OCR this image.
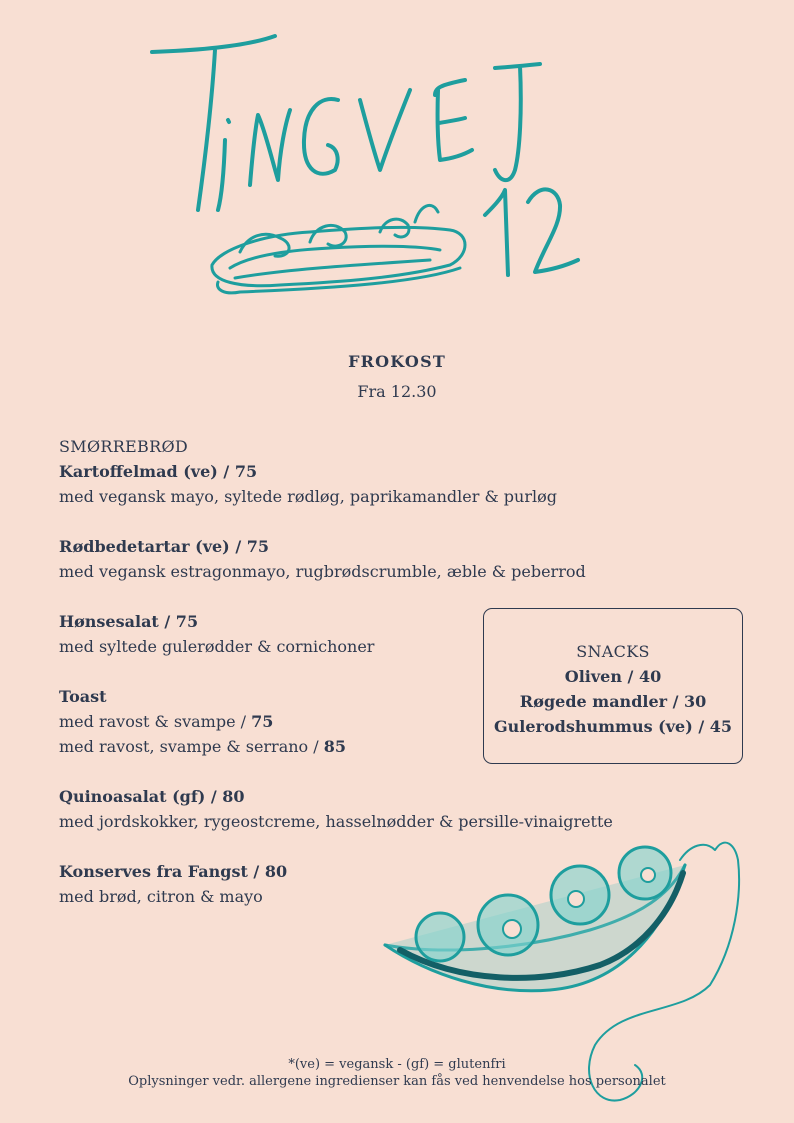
FROKOST
Fra 12.30
SMØRREBRØD
Kartoffelmad (ve) / 75
med vegansk mayo, syltede rødløg, paprikamandler & purløg
Rødbedetartar (ve) / 75
med vegansk estragonmayo, rugbrødscrumble, æble & peberrod
Hønsesalat / 75
med syltede gulerødder & cornichoner
Toast
med ravost & svampe / 75
med ravost, svampe & serrano / 85
Quinoasalat (gf) / 80
med jordskokker, rygeostcreme, hasselnødder & persille-vinaigrette
Konserves fra Fangst / 80
med brød, citron & mayo
SNACKS
Oliven / 40
Røgede mandler / 30
Gulerodshummus (ve) / 45
*(ve) = vegansk - (gf) = glutenfri
Oplysninger vedr. allergene ingredienser kan fås ved henvendelse hos personalet
